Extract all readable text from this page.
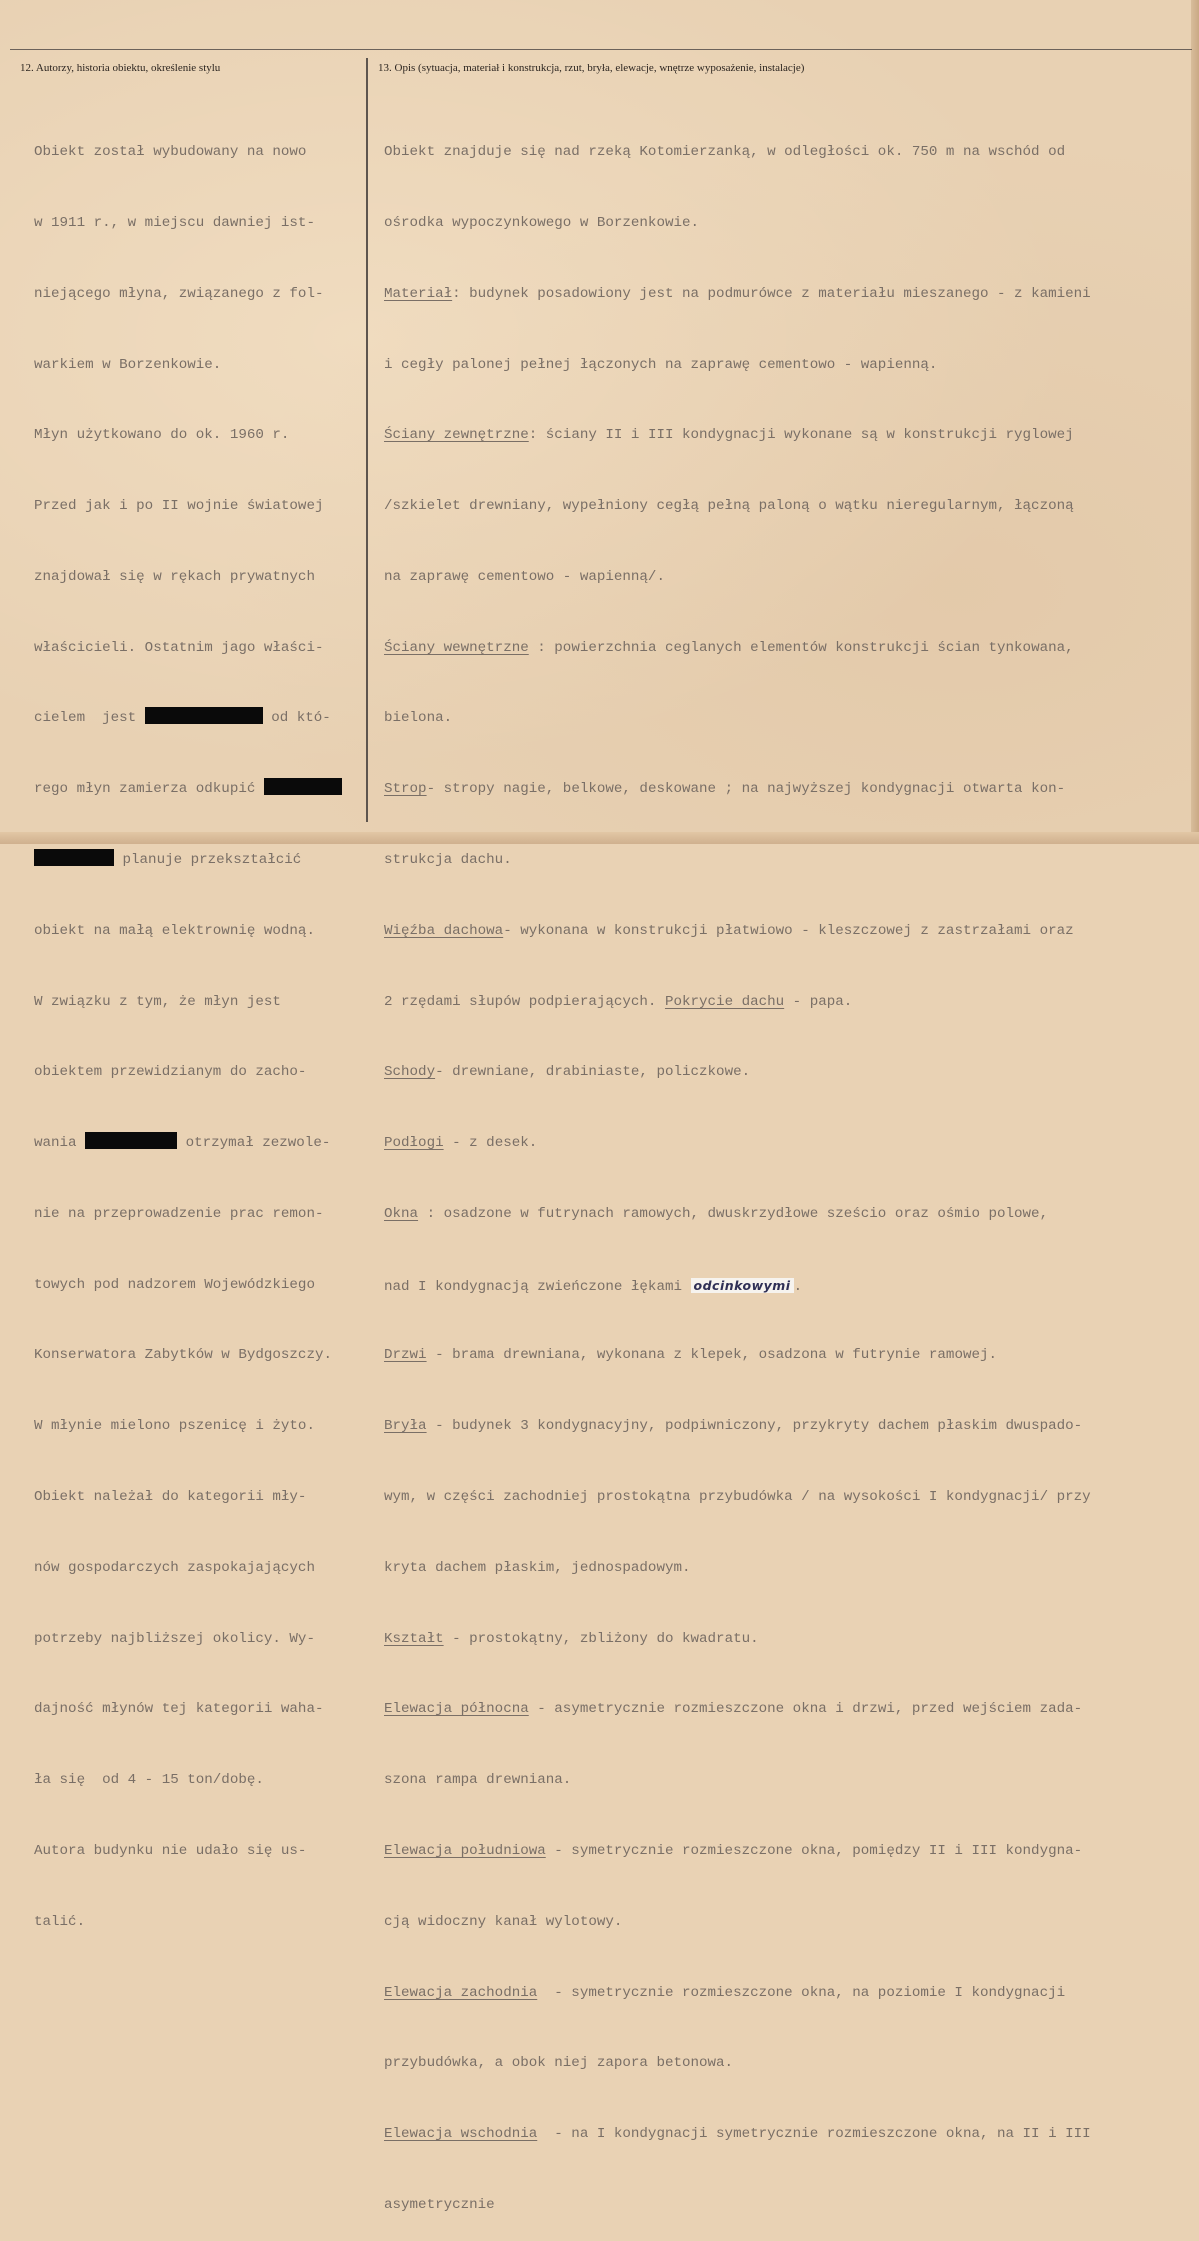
12. Autorzy, historia obiektu, określenie stylu	13. Opis (sytuacja, materiał i konstrukcja, rzut, bryła, elewacje, wnętrze wyposażenie, instalacje)

Obiekt został wybudowany na nowo

w 1911 r., w miejscu dawniej ist-

niejącego młyna, związanego z fol-

warkiem w Borzenkowie.

Młyn użytkowano do ok. 1960 r.

Przed jak i po II wojnie światowej

znajdował się w rękach prywatnych

właścicieli. Ostatnim jago właści-

cielem  jest	od któ-

rego młyn zamierza odkupić

planuje przekształcić

obiekt na małą elektrownię wodną.

W związku z tym, że młyn jest

obiektem przewidzianym do zacho-

wania	otrzymał zezwole-

nie na przeprowadzenie prac remon-

towych pod nadzorem Wojewódzkiego

Konserwatora Zabytków w Bydgoszczy.

W młynie mielono pszenicę i żyto.

Obiekt należał do kategorii mły-

nów gospodarczych zaspokajających

potrzeby najbliższej okolicy. Wy-

dajność młynów tej kategorii waha-

ła się  od 4 - 15 ton/dobę.

Autora budynku nie udało się us-

talić.

Obiekt znajduje się nad rzeką Kotomierzanką, w odległości ok. 750 m na wschód od

ośrodka wypoczynkowego w Borzenkowie.

Materiał: budynek posadowiony jest na podmurówce z materiału mieszanego - z kamieni

i cegły palonej pełnej łączonych na zaprawę cementowo - wapienną.

Ściany zewnętrzne: ściany II i III kondygnacji wykonane są w konstrukcji ryglowej

/szkielet drewniany, wypełniony cegłą pełną paloną o wątku nieregularnym, łączoną

na zaprawę cementowo - wapienną/.

Ściany wewnętrzne : powierzchnia ceglanych elementów konstrukcji ścian tynkowana,

bielona.

Strop- stropy nagie, belkowe, deskowane ; na najwyższej kondygnacji otwarta kon-

strukcja dachu.

Więźba dachowa- wykonana w konstrukcji płatwiowo - kleszczowej z zastrzałami oraz

2 rzędami słupów podpierających. Pokrycie dachu - papa.

Schody- drewniane, drabiniaste, policzkowe.

Podłogi - z desek.

Okna : osadzone w futrynach ramowych, dwuskrzydłowe sześcio oraz ośmio polowe,

nad I kondygnacją zwieńczone łękami odcinkowymi .

Drzwi - brama drewniana, wykonana z klepek, osadzona w futrynie ramowej.

Bryła - budynek 3 kondygnacyjny, podpiwniczony, przykryty dachem płaskim dwuspado-

wym, w części zachodniej prostokątna przybudówka / na wysokości I kondygnacji/ przy

kryta dachem płaskim, jednospadowym.

Kształt - prostokątny, zbliżony do kwadratu.

Elewacja północna - asymetrycznie rozmieszczone okna i drzwi, przed wejściem zada-

szona rampa drewniana.

Elewacja południowa - symetrycznie rozmieszczone okna, pomiędzy II i III kondygna-

cją widoczny kanał wylotowy.

Elewacja zachodnia  - symetrycznie rozmieszczone okna, na poziomie I kondygnacji

przybudówka, a obok niej zapora betonowa.

Elewacja wschodnia  - na I kondygnacji symetrycznie rozmieszczone okna, na II i III

asymetrycznie
